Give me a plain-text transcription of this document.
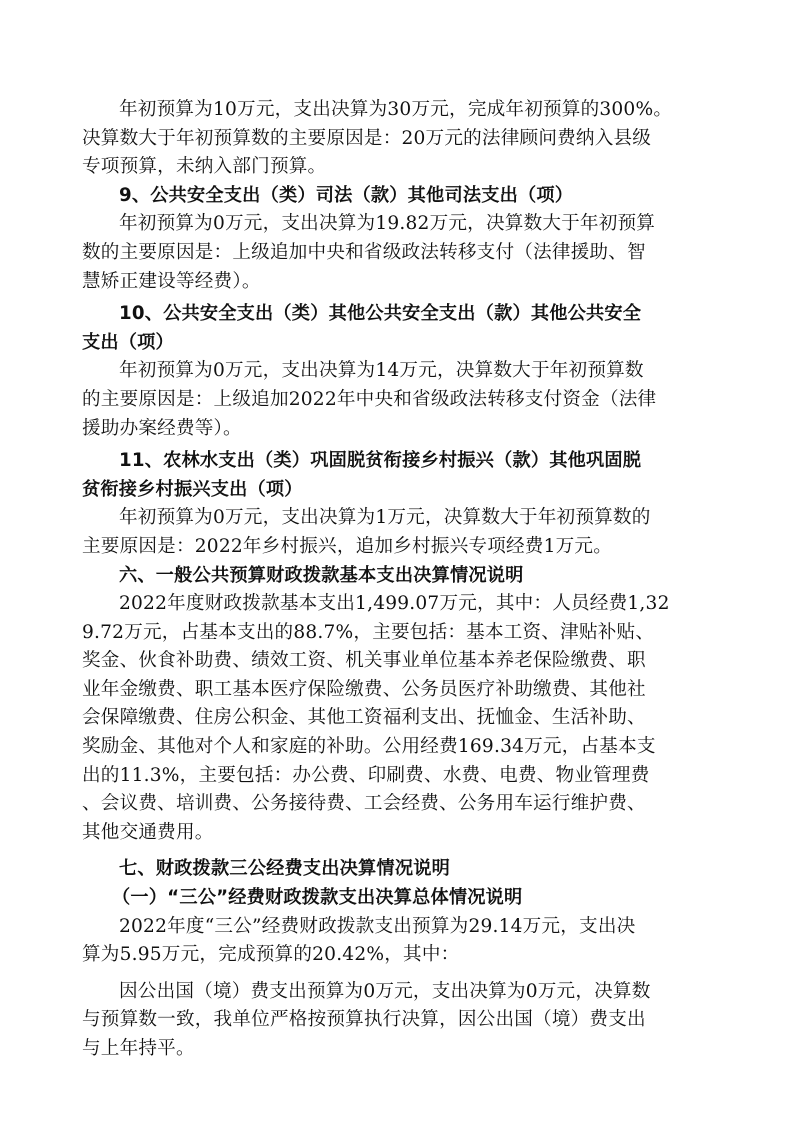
年初预算为10万元，支出决算为30万元，完成年初预算的300%。
决算数大于年初预算数的主要原因是：20万元的法律顾问费纳入县级
专项预算，未纳入部门预算。
9、公共安全支出（类）司法（款）其他司法支出（项）
年初预算为0万元，支出决算为19.82万元，决算数大于年初预算
数的主要原因是：上级追加中央和省级政法转移支付（法律援助、智
慧矫正建设等经费）。
10、公共安全支出（类）其他公共安全支出（款）其他公共安全
支出（项）
年初预算为0万元，支出决算为14万元，决算数大于年初预算数
的主要原因是：上级追加2022年中央和省级政法转移支付资金（法律
援助办案经费等）。
11、农林水支出（类）巩固脱贫衔接乡村振兴（款）其他巩固脱
贫衔接乡村振兴支出（项）
年初预算为0万元，支出决算为1万元，决算数大于年初预算数的
主要原因是：2022年乡村振兴，追加乡村振兴专项经费1万元。
六、一般公共预算财政拨款基本支出决算情况说明
2022年度财政拨款基本支出1,499.07万元，其中：人员经费1,32
9.72万元，占基本支出的88.7%，主要包括：基本工资、津贴补贴、
奖金、伙食补助费、绩效工资、机关事业单位基本养老保险缴费、职
业年金缴费、职工基本医疗保险缴费、公务员医疗补助缴费、其他社
会保障缴费、住房公积金、其他工资福利支出、抚恤金、生活补助、
奖励金、其他对个人和家庭的补助。公用经费169.34万元，占基本支
出的11.3%，主要包括：办公费、印刷费、水费、电费、物业管理费
、会议费、培训费、公务接待费、工会经费、公务用车运行维护费、
其他交通费用。
七、财政拨款三公经费支出决算情况说明
（一）“三公”经费财政拨款支出决算总体情况说明
2022年度“三公”经费财政拨款支出预算为29.14万元，支出决
算为5.95万元，完成预算的20.42%，其中：
因公出国（境）费支出预算为0万元，支出决算为0万元，决算数
与预算数一致，我单位严格按预算执行决算，因公出国（境）费支出
与上年持平。
